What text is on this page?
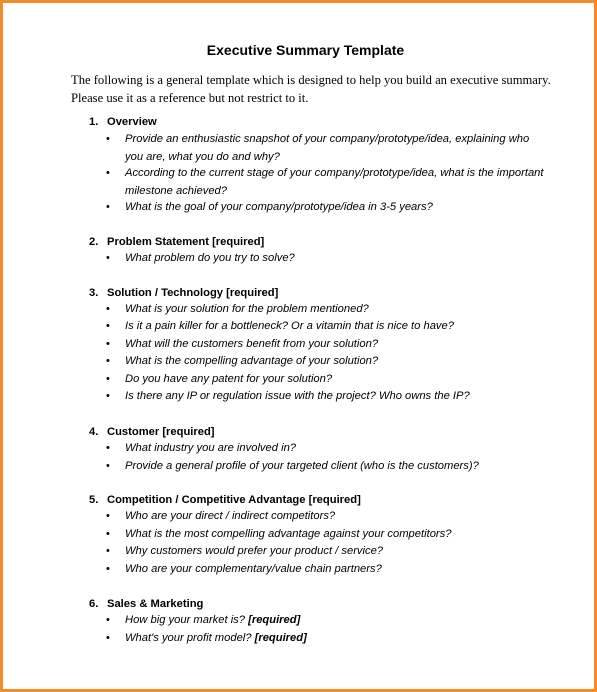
Executive Summary Template
The following is a general template which is designed to help you build an executive summary. Please use it as a reference but not restrict to it.
1. Overview
• Provide an enthusiastic snapshot of your company/prototype/idea, explaining who you are, what you do and why?
• According to the current stage of your company/prototype/idea, what is the important milestone achieved?
• What is the goal of your company/prototype/idea in 3-5 years?
2. Problem Statement [required]
• What problem do you try to solve?
3. Solution / Technology [required]
• What is your solution for the problem mentioned?
• Is it a pain killer for a bottleneck? Or a vitamin that is nice to have?
• What will the customers benefit from your solution?
• What is the compelling advantage of your solution?
• Do you have any patent for your solution?
• Is there any IP or regulation issue with the project? Who owns the IP?
4. Customer [required]
• What industry you are involved in?
• Provide a general profile of your targeted client (who is the customers)?
5. Competition / Competitive Advantage [required]
• Who are your direct / indirect competitors?
• What is the most compelling advantage against your competitors?
• Why customers would prefer your product / service?
• Who are your complementary/value chain partners?
6. Sales & Marketing
• How big your market is? [required]
• What's your profit model? [required]
